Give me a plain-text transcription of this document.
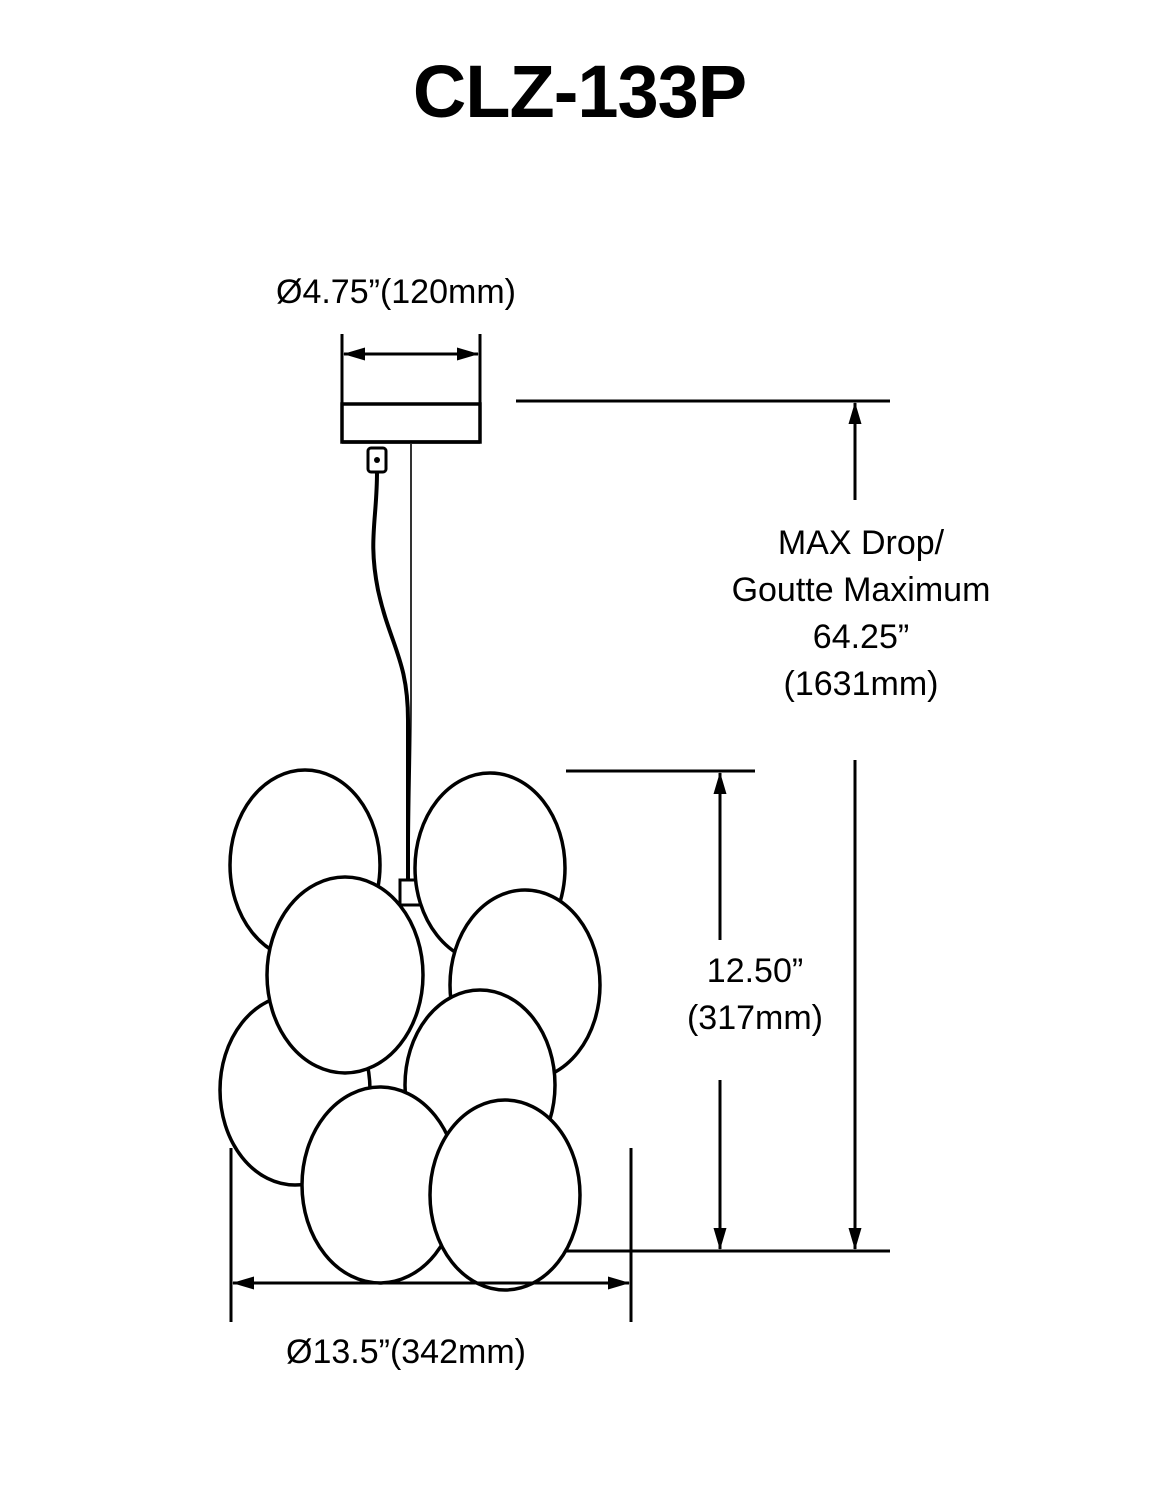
CLZ-133P
Ø4.75”(120mm)
Ø13.5”(342mm)
MAX Drop/
Goutte Maximum
64.25”
(1631mm)
12.50”
(317mm)
